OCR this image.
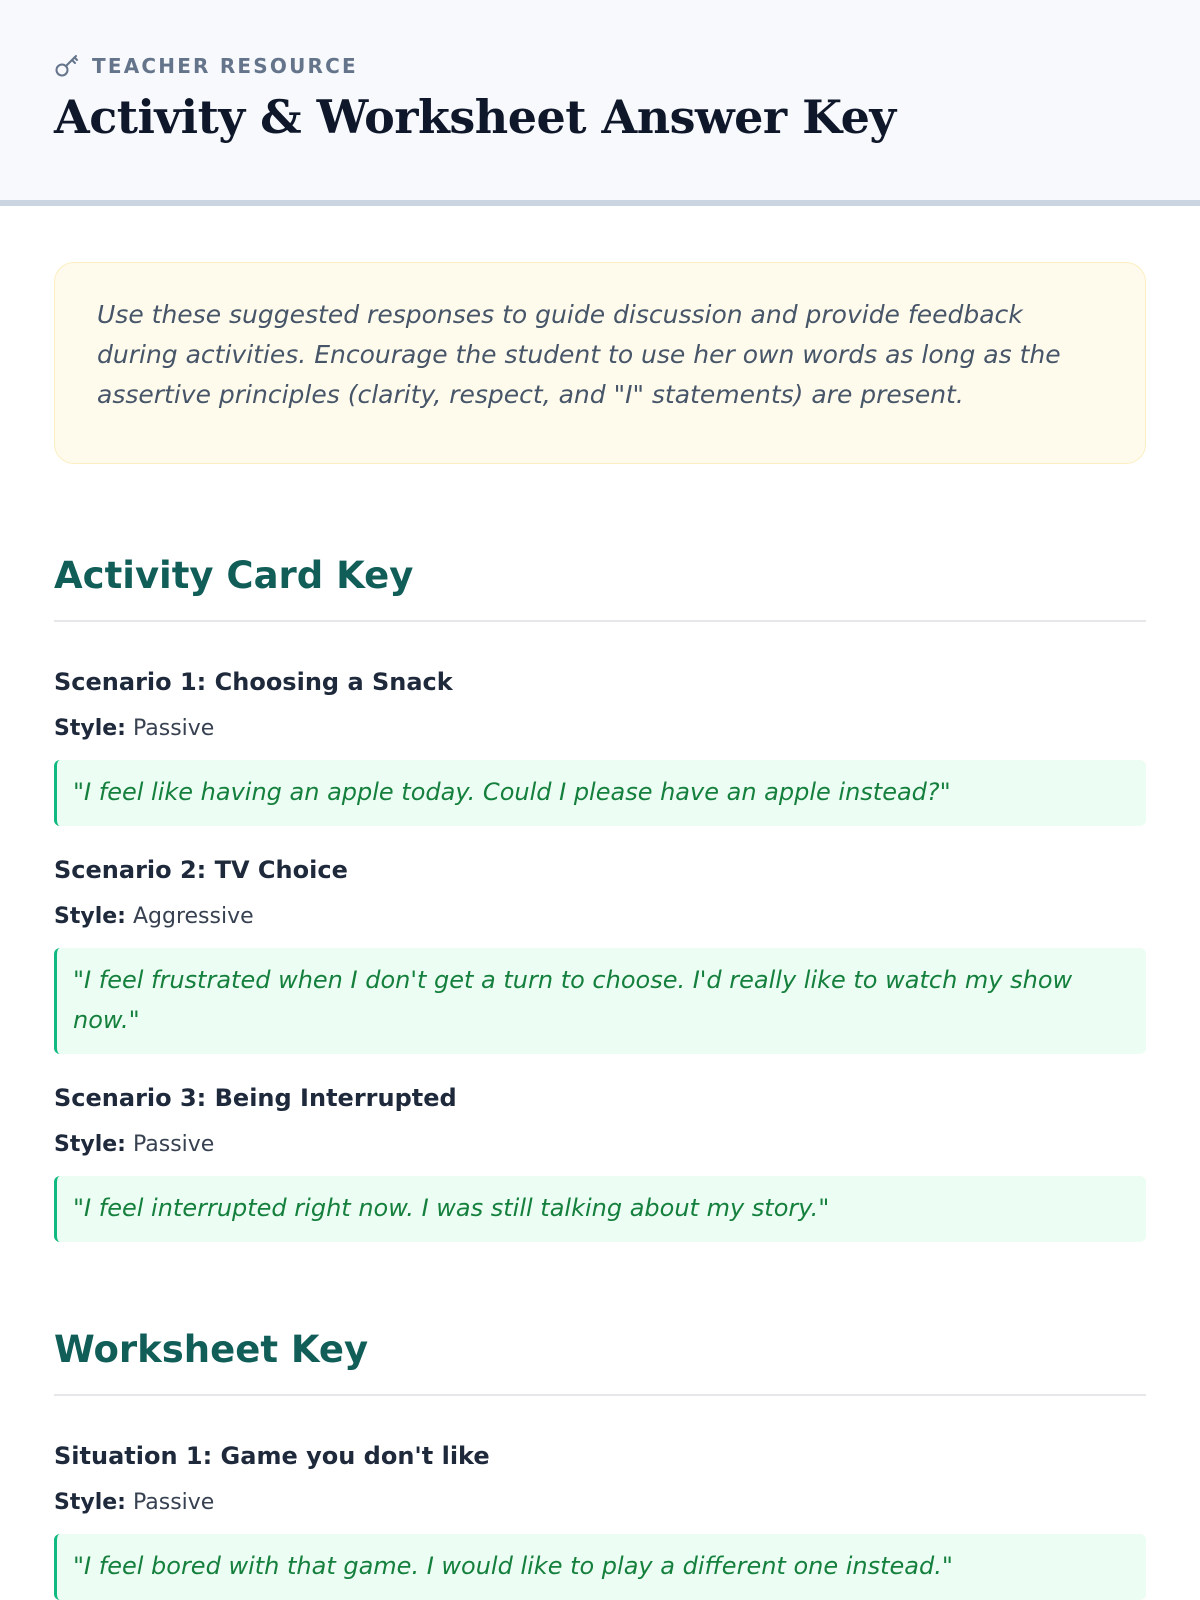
TEACHER RESOURCE
Activity & Worksheet Answer Key

Use these suggested responses to guide discussion and provide feedback during activities. Encourage the student to use her own words as long as the assertive principles (clarity, respect, and "I" statements) are present.

Activity Card Key
Scenario 1: Choosing a Snack

Style: Passive

"I feel like having an apple today. Could I please have an apple instead?"
Scenario 2: TV Choice

Style: Aggressive

"I feel frustrated when I don't get a turn to choose. I'd really like to watch my show now."
Scenario 3: Being Interrupted

Style: Passive

"I feel interrupted right now. I was still talking about my story."
Worksheet Key
Situation 1: Game you don't like

Style: Passive

"I feel bored with that game. I would like to play a different one instead."
